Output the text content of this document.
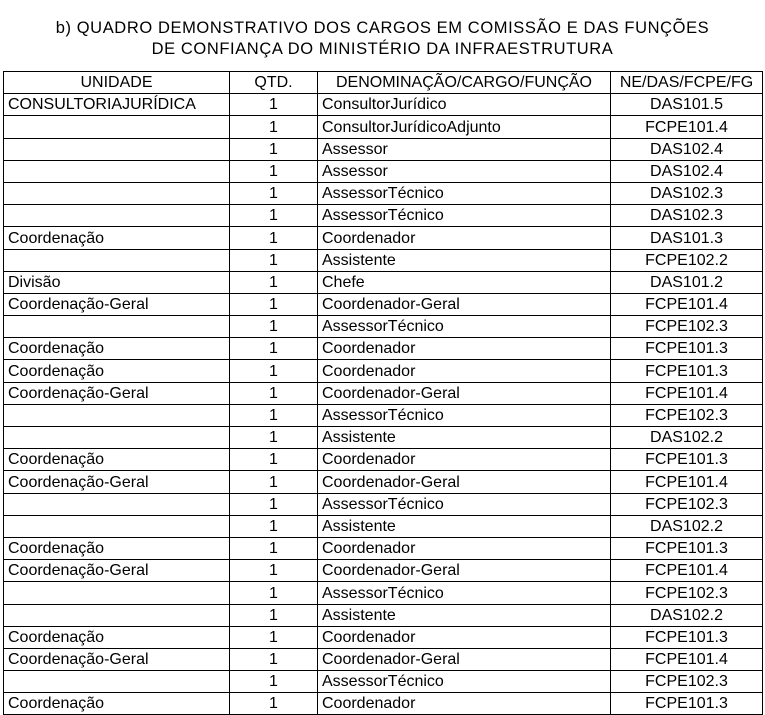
b) QUADRO DEMONSTRATIVO DOS CARGOS EM COMISSÃO E DAS FUNÇÕES
DE CONFIANÇA DO MINISTÉRIO DA INFRAESTRUTURA
UNIDADE	QTD.	DENOMINAÇÃO/CARGO/FUNÇÃO	NE/DAS/FCPE/FG
CONSULTORIAJURÍDICA	1	ConsultorJurídico	DAS101.5
	1	ConsultorJurídicoAdjunto	FCPE101.4
	1	Assessor	DAS102.4
	1	Assessor	DAS102.4
	1	AssessorTécnico	DAS102.3
	1	AssessorTécnico	DAS102.3
Coordenação	1	Coordenador	DAS101.3
	1	Assistente	FCPE102.2
Divisão	1	Chefe	DAS101.2
Coordenação-Geral	1	Coordenador-Geral	FCPE101.4
	1	AssessorTécnico	FCPE102.3
Coordenação	1	Coordenador	FCPE101.3
Coordenação	1	Coordenador	FCPE101.3
Coordenação-Geral	1	Coordenador-Geral	FCPE101.4
	1	AssessorTécnico	FCPE102.3
	1	Assistente	DAS102.2
Coordenação	1	Coordenador	FCPE101.3
Coordenação-Geral	1	Coordenador-Geral	FCPE101.4
	1	AssessorTécnico	FCPE102.3
	1	Assistente	DAS102.2
Coordenação	1	Coordenador	FCPE101.3
Coordenação-Geral	1	Coordenador-Geral	FCPE101.4
	1	AssessorTécnico	FCPE102.3
	1	Assistente	DAS102.2
Coordenação	1	Coordenador	FCPE101.3
Coordenação-Geral	1	Coordenador-Geral	FCPE101.4
	1	AssessorTécnico	FCPE102.3
Coordenação	1	Coordenador	FCPE101.3
